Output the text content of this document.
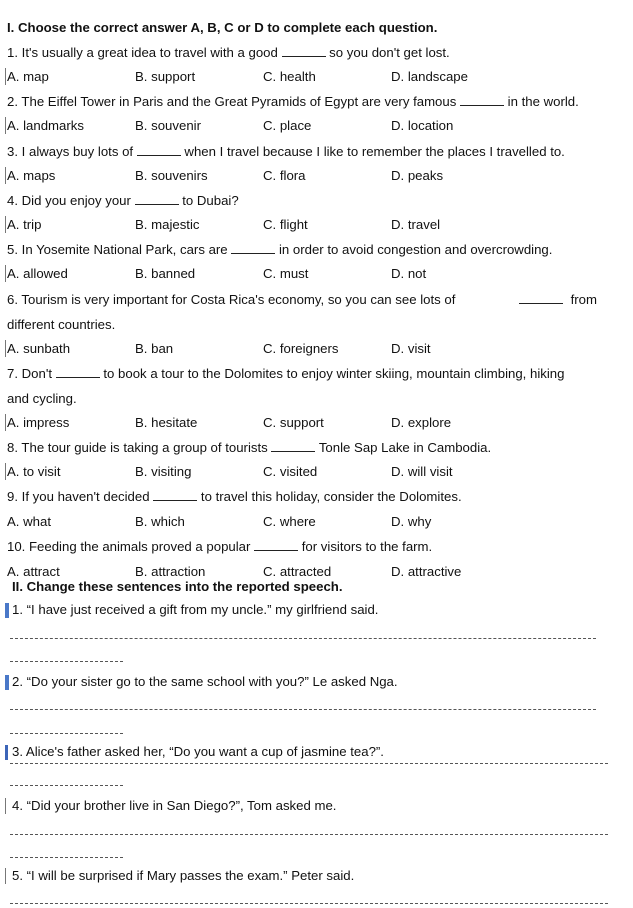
I. Choose the correct answer A, B, C or D to complete each question.
1. It's usually a great idea to travel with a good	so you don't get lost.
A. map	B. support	C. health	D. landscape
2. The Eiffel Tower in Paris and the Great Pyramids of Egypt are very famous	in the world.
A. landmarks	B. souvenir	C. place	D. location
3. I always buy lots of	when I travel because I like to remember the places I travelled to.
A. maps	B. souvenirs	C. flora	D. peaks
4. Did you enjoy your	to Dubai?
A. trip	B. majestic	C. flight	D. travel
5. In Yosemite National Park, cars are	in order to avoid congestion and overcrowding.
A. allowed	B. banned	C. must	D. not
6. Tourism is very important for Costa Rica's economy, so you can see lots of	from
different countries.
A. sunbath	B. ban	C. foreigners	D. visit
7. Don't	to book a tour to the Dolomites to enjoy winter skiing, mountain climbing, hiking
and cycling.
A. impress	B. hesitate	C. support	D. explore
8. The tour guide is taking a group of tourists	Tonle Sap Lake in Cambodia.
A. to visit	B. visiting	C. visited	D. will visit
9. If you haven't decided	to travel this holiday, consider the Dolomites.
A. what	B. which	C. where	D. why
10. Feeding the animals proved a popular	for visitors to the farm.
A. attract	B. attraction	C. attracted	D. attractive
II. Change these sentences into the reported speech.
1. “I have just received a gift from my uncle.” my girlfriend said.
2. “Do your sister go to the same school with you?” Le asked Nga.
3. Alice's father asked her, “Do you want a cup of jasmine tea?”.
4. “Did your brother live in San Diego?”, Tom asked me.
5. “I will be surprised if Mary passes the exam.” Peter said.
